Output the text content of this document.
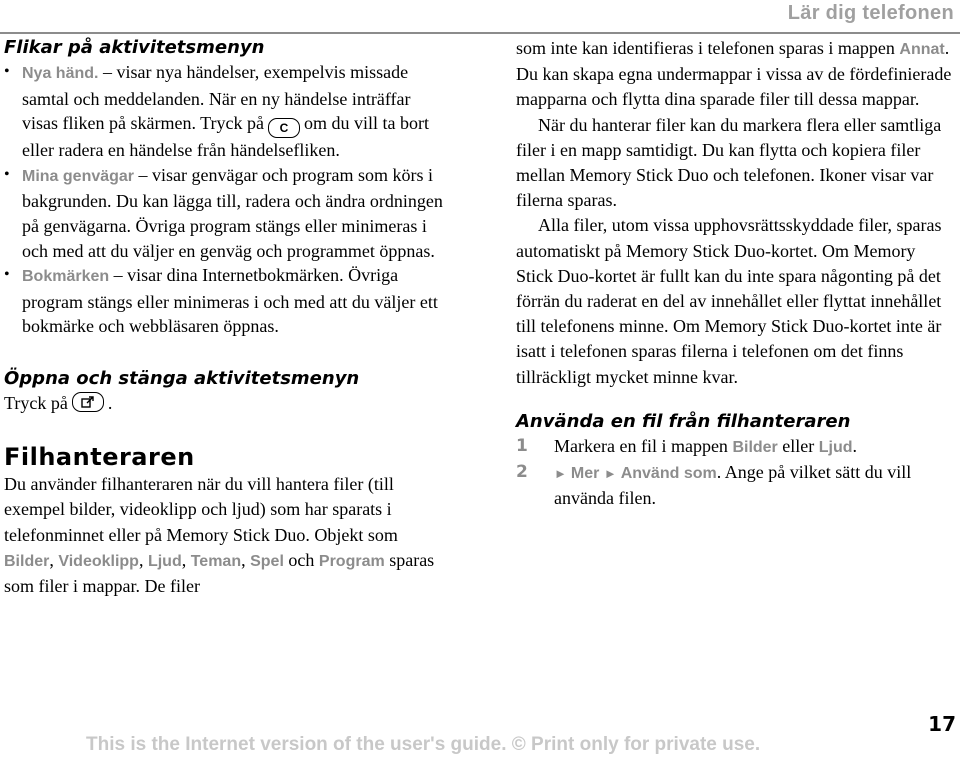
Lär dig telefonen
Flikar på aktivitetsmenyn
• Nya händ. – visar nya händelser, exempelvis missade samtal och meddelanden. När en ny händelse inträffar visas fliken på skärmen. Tryck på C om du vill ta bort eller radera en händelse från händelsefliken.
• Mina genvägar – visar genvägar och program som körs i bakgrunden. Du kan lägga till, radera och ändra ordningen på genvägarna. Övriga program stängs eller minimeras i och med att du väljer en genväg och programmet öppnas.
• Bokmärken – visar dina Internetbokmärken. Övriga program stängs eller minimeras i och med att du väljer ett bokmärke och webbläsaren öppnas.
Öppna och stänga aktivitetsmenyn

Tryck på .

Filhanteraren

Du använder filhanteraren när du vill hantera filer (till exempel bilder, videoklipp och ljud) som har sparats i telefonminnet eller på Memory Stick Duo. Objekt som Bilder, Videoklipp, Ljud, Teman, Spel och Program sparas som filer i mappar. De filer

som inte kan identifieras i telefonen sparas i mappen Annat. Du kan skapa egna undermappar i vissa av de fördefinierade mapparna och flytta dina sparade filer till dessa mappar.

När du hanterar filer kan du markera flera eller samtliga filer i en mapp samtidigt. Du kan flytta och kopiera filer mellan Memory Stick Duo och telefonen. Ikoner visar var filerna sparas.

Alla filer, utom vissa upphovsrättsskyddade filer, sparas automatiskt på Memory Stick Duo-kortet. Om Memory Stick Duo-kortet är fullt kan du inte spara någonting på det förrän du raderat en del av innehållet eller flyttat innehållet till telefonens minne. Om Memory Stick Duo-kortet inte är isatt i telefonen sparas filerna i telefonen om det finns tillräckligt mycket minne kvar.

Använda en fil från filhanteraren
1 Markera en fil i mappen Bilder eller Ljud.
2 ► Mer ► Använd som. Ange på vilket sätt du vill använda filen.
17
This is the Internet version of the user's guide. © Print only for private use.
